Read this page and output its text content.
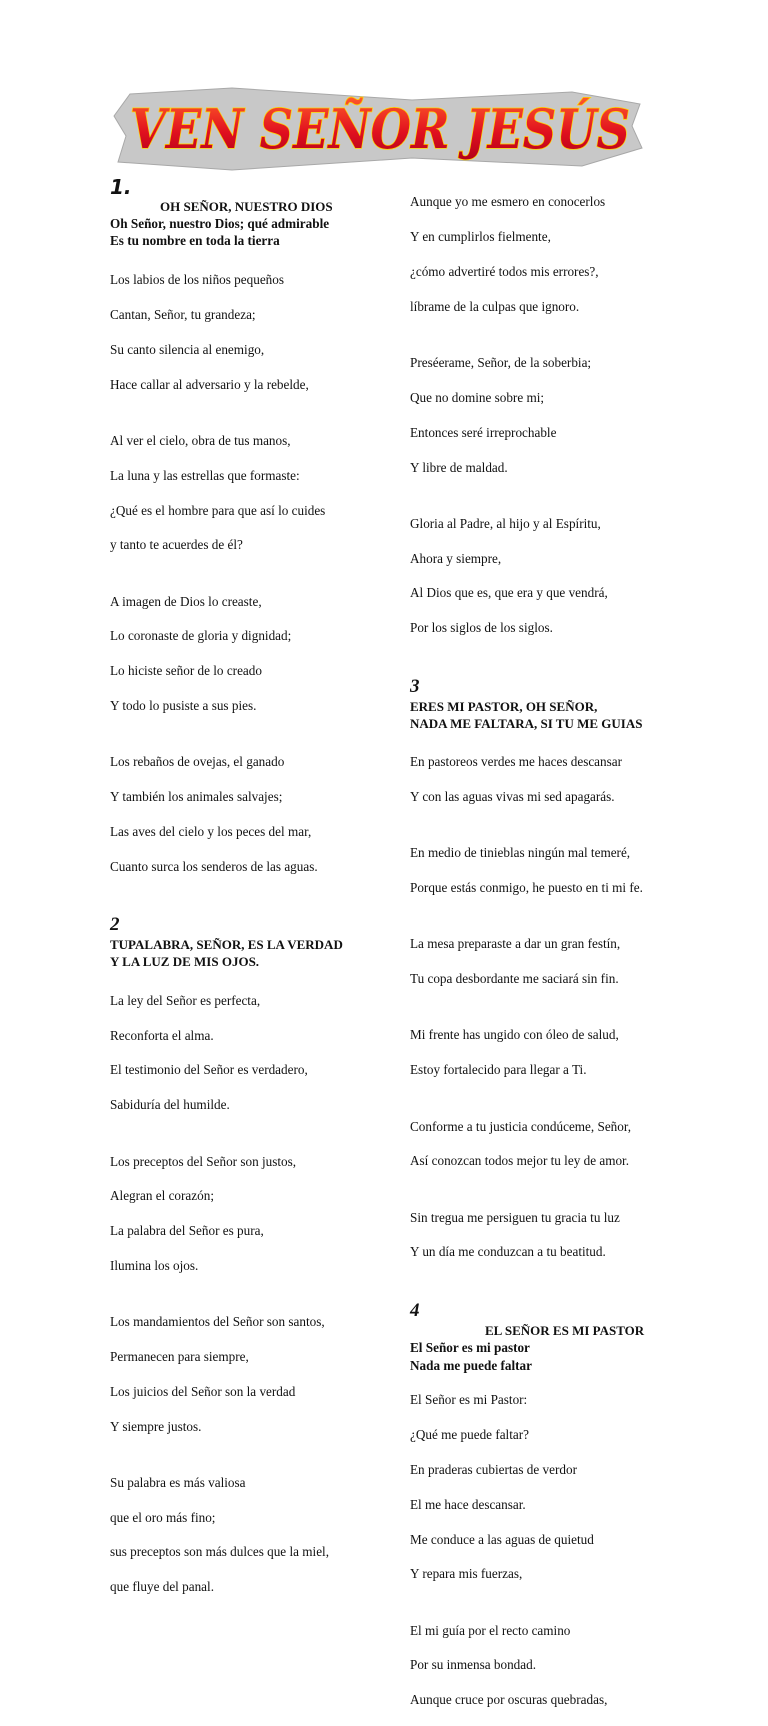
VEN SEÑOR JESÚS
1.
OH SEÑOR, NUESTRO DIOS
Oh Señor, nuestro Dios; qué admirable
Es tu nombre en toda la tierra

Los labios de los niños pequeños

Cantan, Señor, tu grandeza;

Su canto silencia al enemigo,

Hace callar al adversario y la rebelde,

Al ver el cielo, obra de tus manos,

La luna y las estrellas que formaste:

¿Qué es el hombre para que así lo cuides

y tanto te acuerdes de él?

A imagen de Dios lo creaste,

Lo coronaste de gloria y dignidad;

Lo hiciste señor de lo creado

Y todo lo pusiste a sus pies.

Los rebaños de ovejas, el ganado

Y también los animales salvajes;

Las aves del cielo y los peces del mar,

Cuanto surca los senderos de las aguas.

2
TUPALABRA, SEÑOR, ES LA VERDAD
Y LA LUZ DE MIS OJOS.

La ley del Señor es perfecta,

Reconforta el alma.

El testimonio del Señor es verdadero,

Sabiduría del humilde.

Los preceptos del Señor son justos,

Alegran el corazón;

La palabra del Señor es pura,

Ilumina los ojos.

Los mandamientos del Señor son santos,

Permanecen para siempre,

Los juicios del Señor son la verdad

Y siempre justos.

Su palabra es más valiosa

que el oro más fino;

sus preceptos son más dulces que la miel,

que fluye del panal.

Aunque yo me esmero en conocerlos

Y en cumplirlos fielmente,

¿cómo advertiré todos mis errores?,

líbrame de la culpas que ignoro.

Preséerame, Señor, de la soberbia;

Que no domine sobre mi;

Entonces seré irreprochable

Y libre de maldad.

Gloria al Padre, al hijo y al Espíritu,

Ahora y siempre,

Al Dios que es, que era y que vendrá,

Por los siglos de los siglos.

3
ERES MI PASTOR, OH SEÑOR,
NADA ME FALTARA, SI TU ME GUIAS

En pastoreos verdes me haces descansar

Y con las aguas vivas mi sed apagarás.

En medio de tinieblas ningún mal temeré,

Porque estás conmigo, he puesto en ti mi fe.

La mesa preparaste a dar un gran festín,

Tu copa desbordante me saciará sin fin.

Mi frente has ungido con óleo de salud,

Estoy fortalecido para llegar a Ti.

Conforme a tu justicia condúceme, Señor,

Así conozcan todos mejor tu ley de amor.

Sin tregua me persiguen tu gracia tu luz

Y un día me conduzcan a tu beatitud.

4
EL SEÑOR ES MI PASTOR
El Señor es mi pastor
Nada me puede faltar

El Señor es mi Pastor:

¿Qué me puede faltar?

En praderas cubiertas de verdor

El me hace descansar.

Me conduce a las aguas de quietud

Y repara mis fuerzas,

El mi guía por el recto camino

Por su inmensa bondad.

Aunque cruce por oscuras quebradas,
